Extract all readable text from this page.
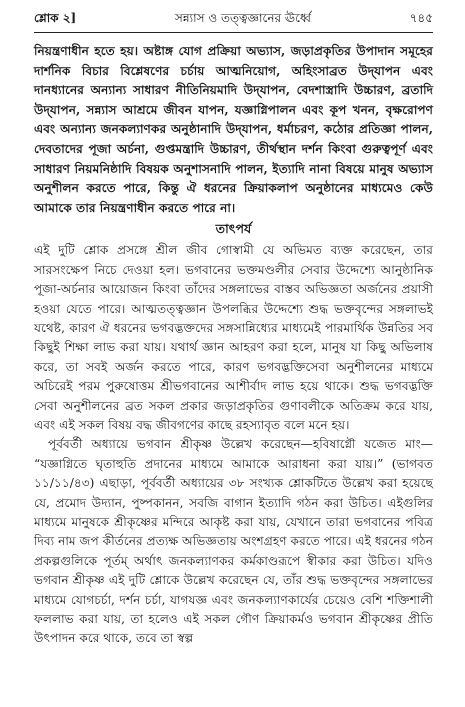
শ্লোক ২]	সন্ন্যাস ও তত্ত্বজ্ঞানের ঊর্ধ্বে	৭৪৫

নিয়ন্ত্রণাধীন হতে হয়। অষ্টাঙ্গ যোগ প্রক্রিয়া অভ্যাস, জড়াপ্রকৃতির উপাদান সমূহের দার্শনিক বিচার বিশ্লেষণের চর্চায় আত্মনিয়োগ, অহিংসাব্রত উদ্‌যাপন এবং দানধ্যানের অন্যান্য সাধারণ নীতিনিয়মাদি উদ্‌যাপন, বেদশাস্ত্রাদি উচ্চারণ, ব্রতাদি উদ্‌যাপন, সন্ন্যাস আশ্রমে জীবন যাপন, যজ্ঞাগ্নিপালন এবং কূপ খনন, বৃক্ষরোপণ এবং অন্যান্য জনকল্যাণকর অনুষ্ঠানাদি উদ্‌যাপন, ধর্মাচরণ, কঠোর প্রতিজ্ঞা পালন, দেবতাদের পূজা অর্চনা, গুপ্তমন্ত্রাদি উচ্চারণ, তীর্থস্থান দর্শন কিংবা গুরুত্বপূর্ণ এবং সাধারণ নিয়মনিষ্ঠাদি বিষয়ক অনুশাসনাদি পালন, ইত্যাদি নানা বিষয়ে মানুষ অভ্যাস অনুশীলন করতে পারে, কিন্তু ঐ ধরনের ক্রিয়াকলাপ অনুষ্ঠানের মাধ্যমেও কেউ আমাকে তার নিয়ন্ত্রণাধীন করতে পারে না।

তাৎপর্য

এই দুটি শ্লোক প্রসঙ্গে শ্রীল জীব গোস্বামী যে অভিমত ব্যক্ত করেছেন, তার সারসংক্ষেপ নিচে দেওয়া হল। ভগবানের ভক্তমণ্ডলীর সেবার উদ্দেশ্যে আনুষ্ঠানিক পূজা-অর্চনার আয়োজন কিংবা তাঁদের সঙ্গলাভের বাস্তব অভিজ্ঞতা অর্জনের প্রয়াসী হওয়া যেতে পারে। আত্মতত্ত্বজ্ঞান উপলব্ধির উদ্দেশ্যে শুদ্ধ ভক্তবৃন্দের সঙ্গলাভই যথেষ্ট, কারণ ঐ ধরনের ভগবদ্ভক্তদের সঙ্গসান্নিধ্যের মাধ্যমেই পারমার্থিক উন্নতির সব কিছুই শিক্ষা লাভ করা যায়। যথার্থ জ্ঞান আহরণ করা হলে, মানুষ যা কিছু অভিলাষ করে, তা সবই অর্জন করতে পারে, কারণ ভগবদ্ভক্তিসেবা অনুশীলনের মাধ্যমে অচিরেই পরম পুরুষোত্তম শ্রীভগবানের আশীর্বাদ লাভ হয়ে থাকে। শুদ্ধ ভগবদ্ভক্তি সেবা অনুশীলনের ব্রত সকল প্রকার জড়াপ্রকৃতির গুণাবলীকে অতিক্রম করে যায়, এবং এই সকল বিষয় বদ্ধ জীবগণের কাছে রহস্যাবৃত বলে মনে হয়।

পূর্ববর্তী অধ্যায়ে ভগবান শ্রীকৃষ্ণ উল্লেখ করেছেন—হবিষাগ্নৌ যজেত মাং— “যজ্ঞাগ্নিতে ঘৃতাহুতি প্রদানের মাধ্যমে আমাকে আরাধনা করা যায়।” (ভাগবত ১১/১১/৪৩) এছাড়া, পূর্ববর্তী অধ্যায়ের ৩৮ সংখ্যক শ্লোকটিতে উল্লেখ করা হয়েছে যে, প্রমোদ উদ্যান, পুষ্পকানন, সবজি বাগান ইত্যাদি গঠন করা উচিত। এইগুলির মাধ্যমে মানুষকে শ্রীকৃষ্ণের মন্দিরে আকৃষ্ট করা যায়, যেখানে তারা ভগবানের পবিত্র দিব্য নাম জপ কীর্তনের প্রত্যক্ষ অভিজ্ঞতায় অংশগ্রহণ করতে পারে। এই ধরনের গঠন প্রকল্পগুলিকে পূর্তম্ অর্থাৎ জনকল্যাণকর কর্মকাণ্ডরূপে স্বীকার করা উচিত। যদিও ভগবান শ্রীকৃষ্ণ এই দুটি শ্লোকে উল্লেখ করেছেন যে, তাঁর শুদ্ধ ভক্তবৃন্দের সঙ্গলাভের মাধ্যমে যোগচর্চা, দর্শন চর্চা, যাগযজ্ঞ এবং জনকল্যাণকার্যের চেয়েও বেশি শক্তিশালী ফললাভ করা যায়, তা হলেও এই সকল গৌণ ক্রিয়াকর্মও ভগবান শ্রীকৃষ্ণের প্রীতি উৎপাদন করে থাকে, তবে তা স্বল্প
